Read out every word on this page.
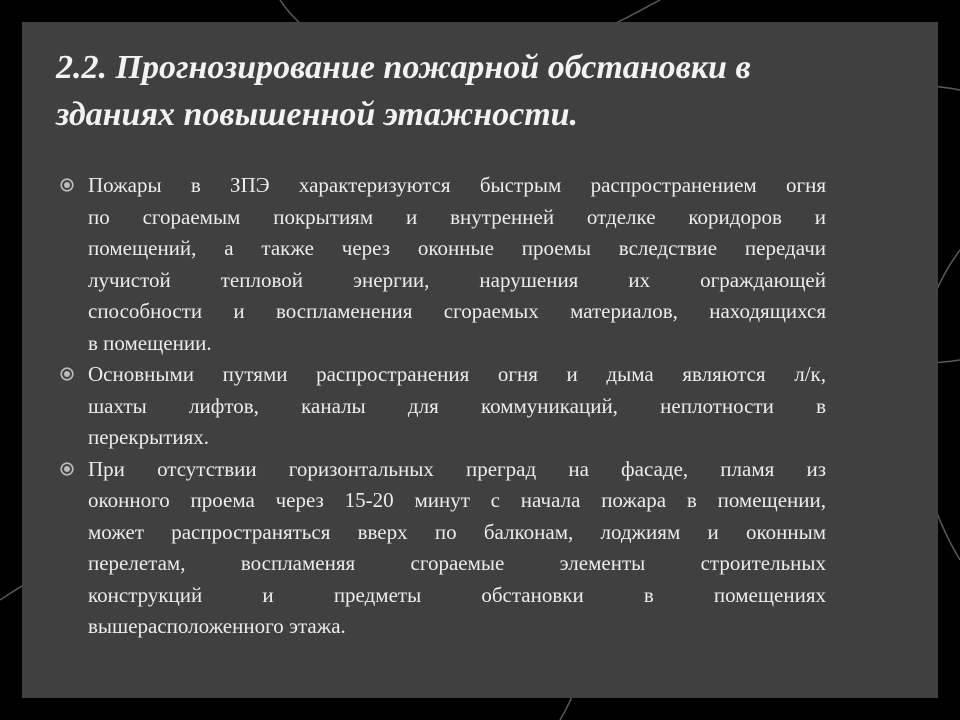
2.2. Прогнозирование пожарной обстановки в
зданиях повышенной этажности.
Пожары в ЗПЭ характеризуются быстрым распространением огня
по сгораемым покрытиям и внутренней отделке коридоров и
помещений, а также через оконные проемы вследствие передачи
лучистой тепловой энергии, нарушения их ограждающей
способности и воспламенения сгораемых материалов, находящихся
в помещении.
Основными путями распространения огня и дыма являются л/к,
шахты лифтов, каналы для коммуникаций, неплотности в
перекрытиях.
При отсутствии горизонтальных преград на фасаде, пламя из
оконного проема через 15-20 минут с начала пожара в помещении,
может распространяться вверх по балконам, лоджиям и оконным
перелетам, воспламеняя сгораемые элементы строительных
конструкций и предметы обстановки в помещениях
вышерасположенного этажа.
